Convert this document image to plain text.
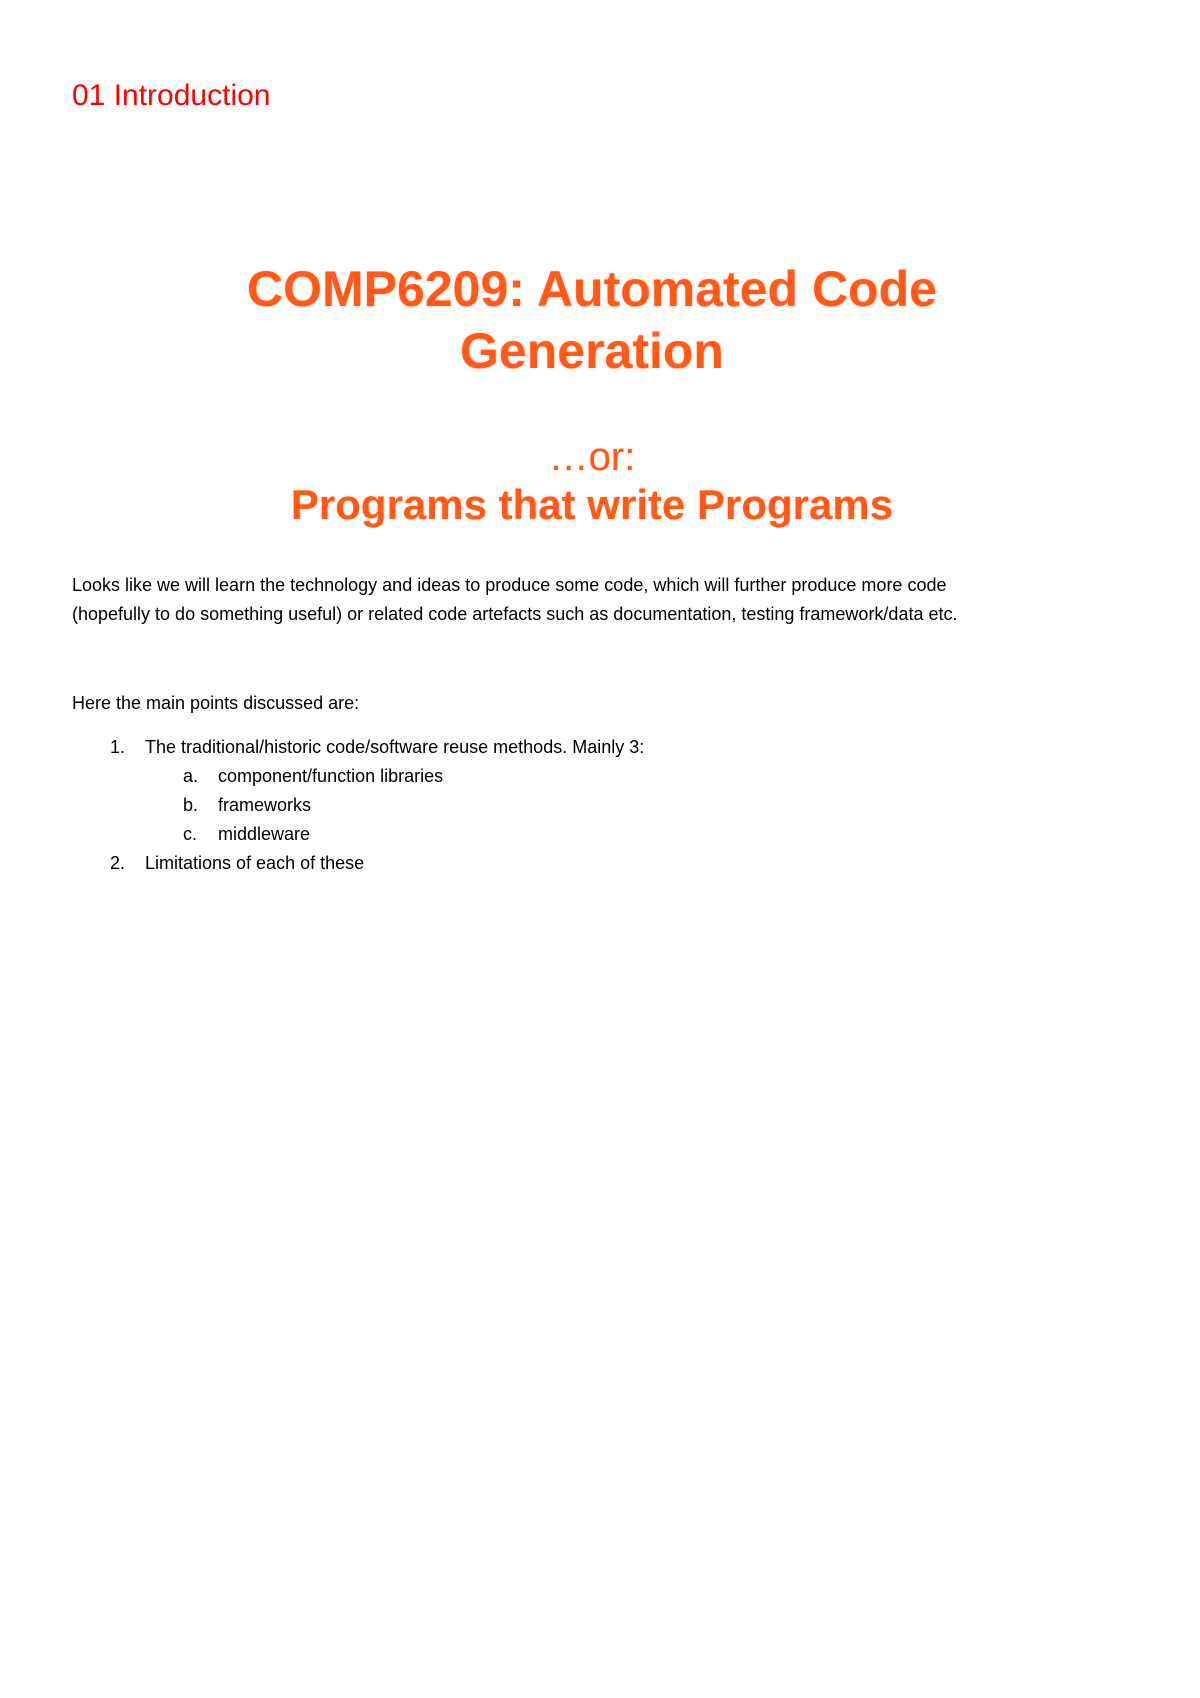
01 Introduction
COMP6209: Automated Code
Generation
…or:
Programs that write Programs
Looks like we will learn the technology and ideas to produce some code, which will further produce more code
(hopefully to do something useful) or related code artefacts such as documentation, testing framework/data etc.
Here the main points discussed are:
1.	The traditional/historic code/software reuse methods. Mainly 3:
a.	component/function libraries
b.	frameworks
c.	middleware
2.	Limitations of each of these
